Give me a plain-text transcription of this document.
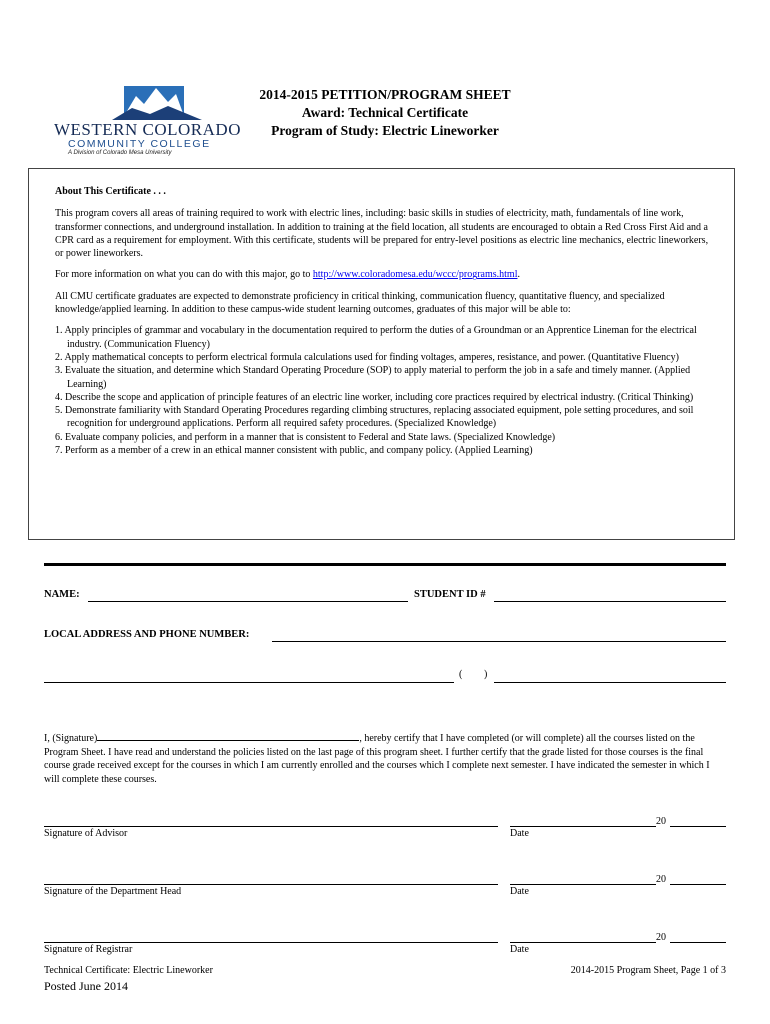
WESTERN COLORADO
COMMUNITY COLLEGE
A Division of Colorado Mesa University
2014-2015 PETITION/PROGRAM SHEET
Award: Technical Certificate
Program of Study: Electric Lineworker

About This Certificate . . .

This program covers all areas of training required to work with electric lines, including: basic skills in studies of electricity, math, fundamentals of line work, transformer connections, and underground installation. In addition to training at the field location, all students are encouraged to obtain a Red Cross First Aid and a CPR card as a requirement for employment. With this certificate, students will be prepared for entry-level positions as electric line mechanics, electric lineworkers, or power lineworkers.

For more information on what you can do with this major, go to http://www.coloradomesa.edu/wccc/programs.html.

All CMU certificate graduates are expected to demonstrate proficiency in critical thinking, communication fluency, quantitative fluency, and specialized knowledge/applied learning. In addition to these campus-wide student learning outcomes, graduates of this major will be able to:

1. Apply principles of grammar and vocabulary in the documentation required to perform the duties of a Groundman or an Apprentice Lineman for the electrical industry. (Communication Fluency)
2. Apply mathematical concepts to perform electrical formula calculations used for finding voltages, amperes, resistance, and power. (Quantitative Fluency)
3. Evaluate the situation, and determine which Standard Operating Procedure (SOP) to apply material to perform the job in a safe and timely manner. (Applied Learning)
4. Describe the scope and application of principle features of an electric line worker, including core practices required by electrical industry. (Critical Thinking)
5. Demonstrate familiarity with Standard Operating Procedures regarding climbing structures, replacing associated equipment, pole setting procedures, and soil recognition for underground applications. Perform all required safety procedures. (Specialized Knowledge)
6. Evaluate company policies, and perform in a manner that is consistent to Federal and State laws. (Specialized Knowledge)
7. Perform as a member of a crew in an ethical manner consistent with public, and company policy. (Applied Learning)
NAME:	STUDENT ID #
LOCAL ADDRESS AND PHONE NUMBER:
( )
I, (Signature)	, hereby certify that I have completed (or will complete) all the courses listed on the Program Sheet. I have read and understand the policies listed on the last page of this program sheet. I further certify that the grade listed for those courses is the final course grade received except for the courses in which I am currently enrolled and the courses which I complete next semester. I have indicated the semester in which I will complete these courses.
Signature of Advisor
20
Date
Signature of the Department Head
20
Date
Signature of Registrar
20
Date
Technical Certificate: Electric Lineworker
Posted June 2014
2014-2015 Program Sheet, Page 1 of 3
